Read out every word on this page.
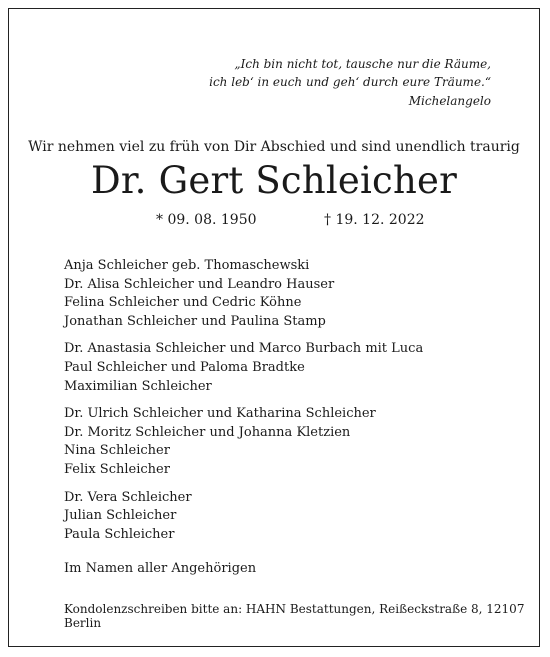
„Ich bin nicht tot, tausche nur die Räume,
ich leb‘ in euch und geh‘ durch eure Träume.“
Michelangelo
Wir nehmen viel zu früh von Dir Abschied und sind unendlich traurig
Dr. Gert Schleicher
* 09. 08. 1950	† 19. 12. 2022
Anja Schleicher geb. Thomaschewski
Dr. Alisa Schleicher und Leandro Hauser
Felina Schleicher und Cedric Köhne
Jonathan Schleicher und Paulina Stamp
Dr. Anastasia Schleicher und Marco Burbach mit Luca
Paul Schleicher und Paloma Bradtke
Maximilian Schleicher
Dr. Ulrich Schleicher und Katharina Schleicher
Dr. Moritz Schleicher und Johanna Kletzien
Nina Schleicher
Felix Schleicher
Dr. Vera Schleicher
Julian Schleicher
Paula Schleicher
Im Namen aller Angehörigen
Kondolenzschreiben bitte an: HAHN Bestattungen, Reißeckstraße 8, 12107 Berlin
